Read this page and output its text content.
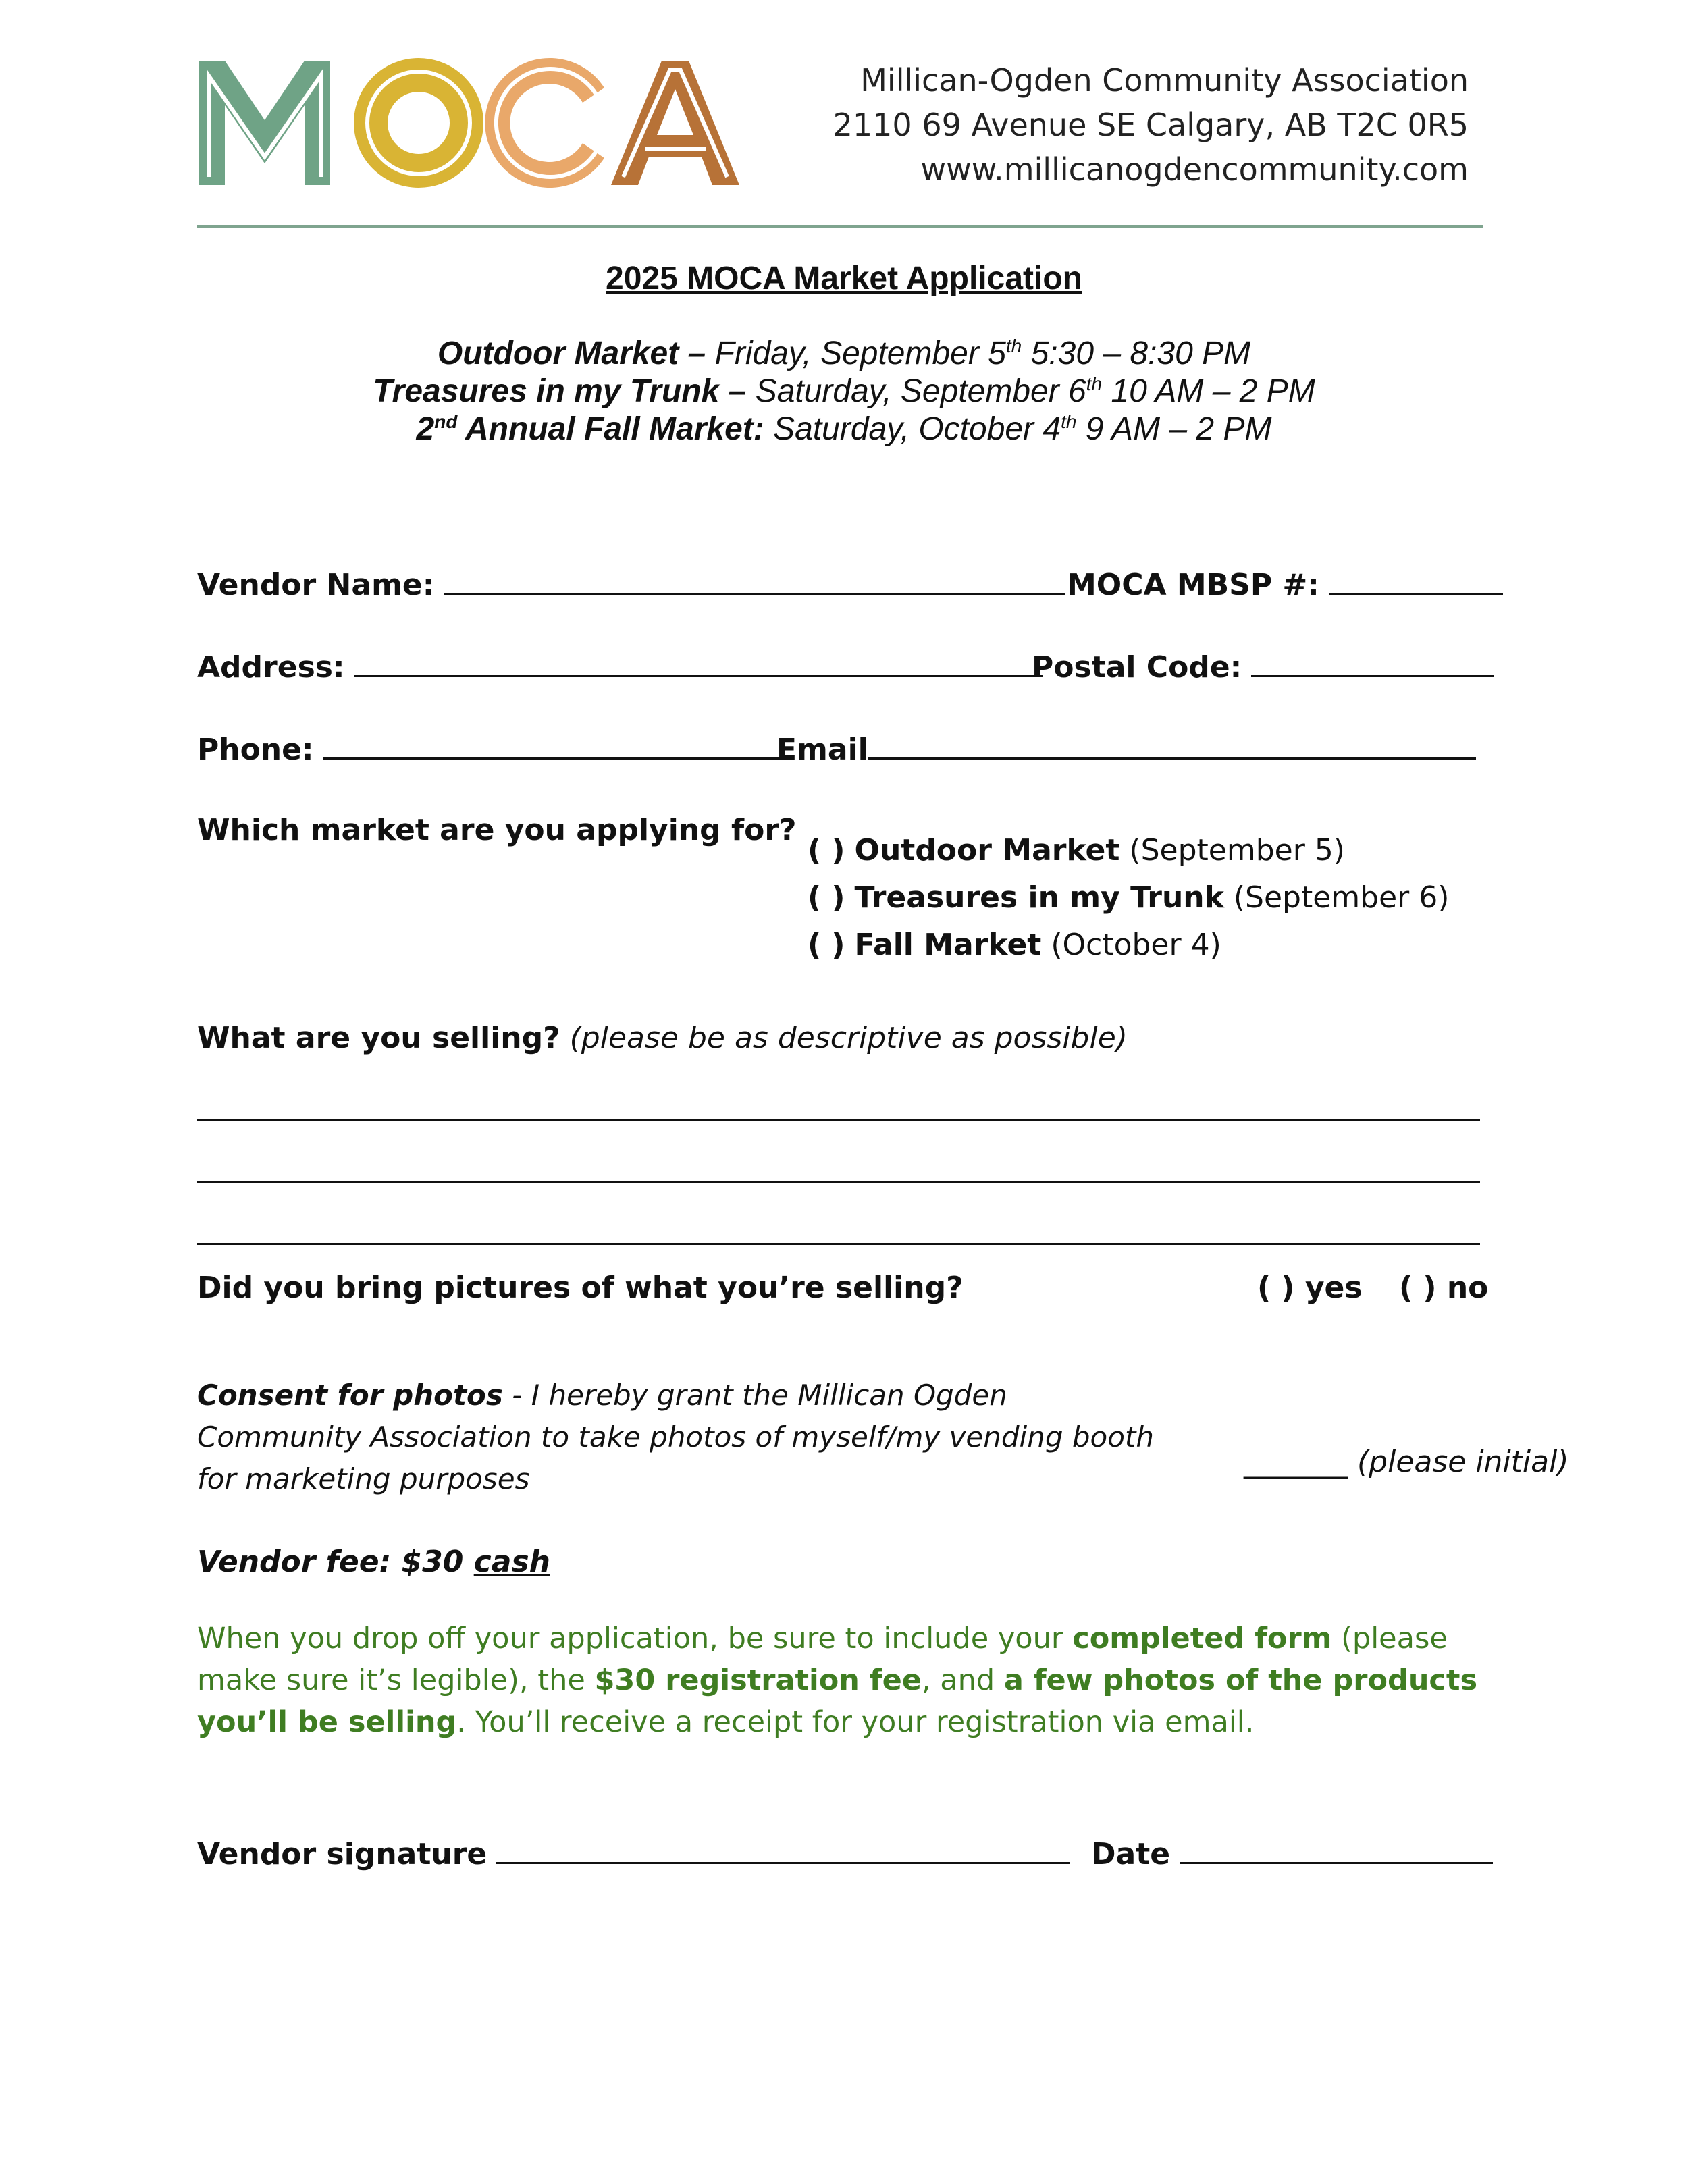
Millican-Ogden Community Association
2110 69 Avenue SE Calgary, AB T2C 0R5
www.millicanogdencommunity.com
2025 MOCA Market Application
Outdoor Market – Friday, September 5th 5:30 – 8:30 PM
Treasures in my Trunk – Saturday, September 6th 10 AM – 2 PM
2nd Annual Fall Market: Saturday, October 4th 9 AM – 2 PM
Vendor Name:	MOCA MBSP #:
Address:	Postal Code:
Phone:	Email
Which market are you applying for?
( ) Outdoor Market (September 5)
( ) Treasures in my Trunk (September 6)
( ) Fall Market (October 4)
What are you selling? (please be as descriptive as possible)
Did you bring pictures of what you’re selling?	( ) yes ( ) no
Consent for photos - I hereby grant the Millican Ogden Community Association to take photos of myself/my vending booth for marketing purposes	_______ (please initial)
Vendor fee: $30 cash
When you drop off your application, be sure to include your completed form (please make sure it’s legible), the $30 registration fee, and a few photos of the products you’ll be selling. You’ll receive a receipt for your registration via email.
Vendor signature	Date
